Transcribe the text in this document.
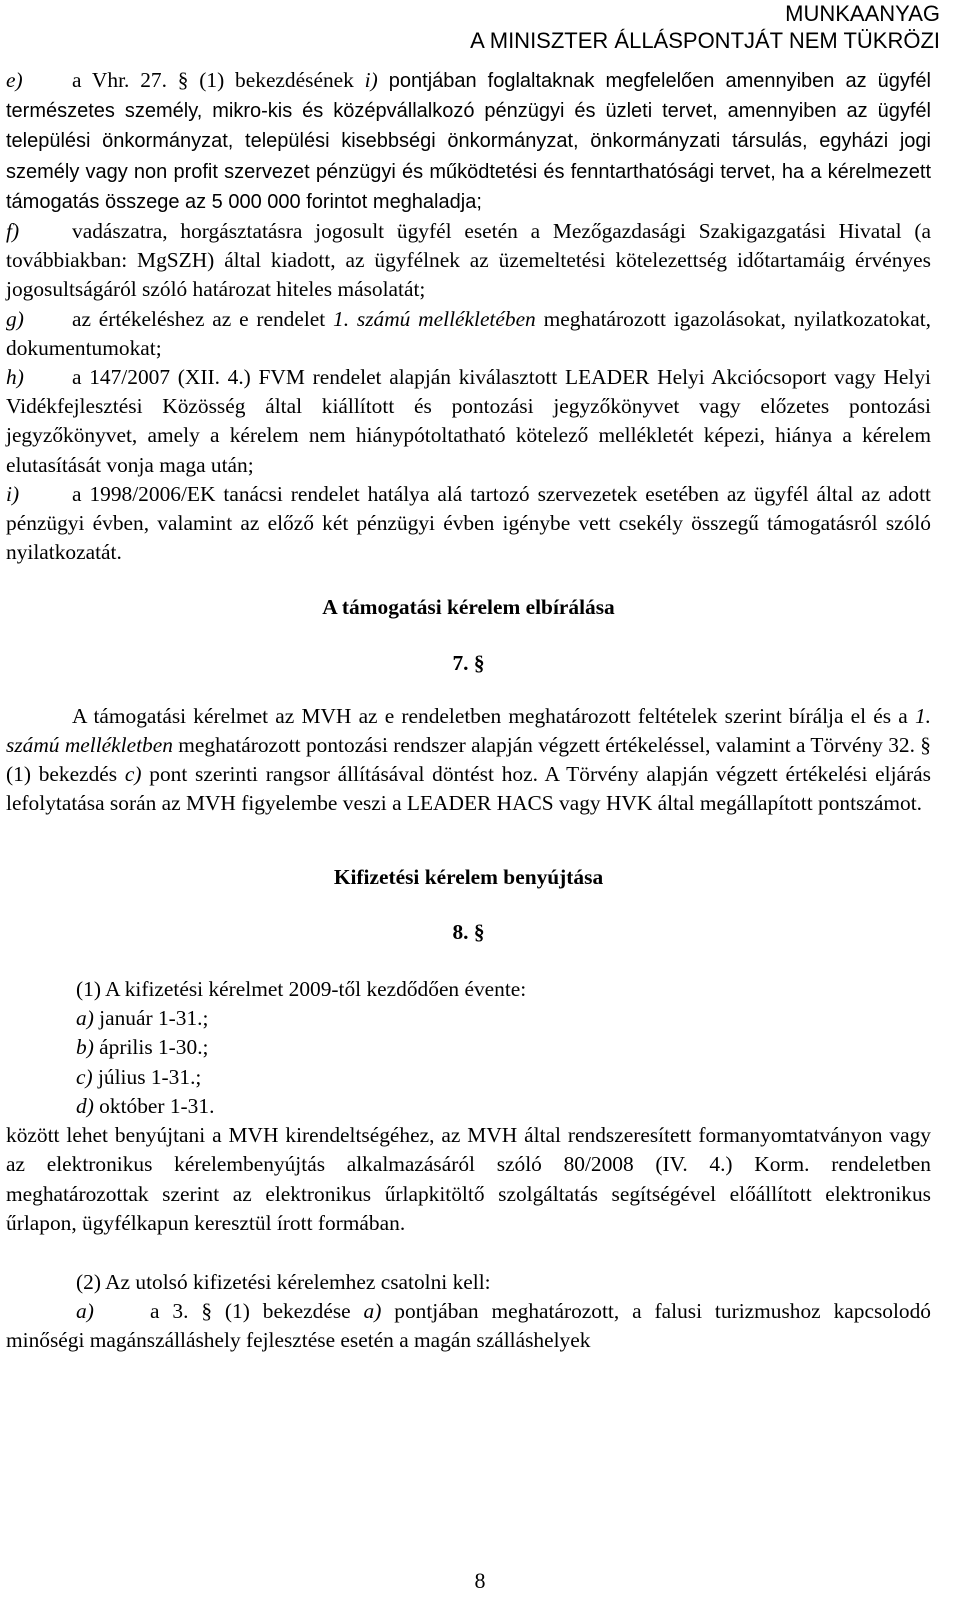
MUNKAANYAG
A MINISZTER ÁLLÁSPONTJÁT NEM TÜKRÖZI

e) a Vhr. 27. § (1) bekezdésének i) pontjában foglaltaknak megfelelően amennyiben az ügyfél természetes személy, mikro-kis és középvállalkozó pénzügyi és üzleti tervet, amennyiben az ügyfél települési önkormányzat, települési kisebbségi önkormányzat, önkormányzati társulás, egyházi jogi személy vagy non profit szervezet pénzügyi és működtetési és fenntarthatósági tervet, ha a kérelmezett támogatás összege az 5 000 000 forintot meghaladja;

f) vadászatra, horgásztatásra jogosult ügyfél esetén a Mezőgazdasági Szakigazgatási Hivatal (a továbbiakban: MgSZH) által kiadott, az ügyfélnek az üzemeltetési kötelezettség időtartamáig érvényes jogosultságáról szóló határozat hiteles másolatát;

g) az értékeléshez az e rendelet 1. számú mellékletében meghatározott igazolásokat, nyilatkozatokat, dokumentumokat;

h) a 147/2007 (XII. 4.) FVM rendelet alapján kiválasztott LEADER Helyi Akciócsoport vagy Helyi Vidékfejlesztési Közösség által kiállított és pontozási jegyzőkönyvet vagy előzetes pontozási jegyzőkönyvet, amely a kérelem nem hiánypótoltatható kötelező mellékletét képezi, hiánya a kérelem elutasítását vonja maga után;

i) a 1998/2006/EK tanácsi rendelet hatálya alá tartozó szervezetek esetében az ügyfél által az adott pénzügyi évben, valamint az előző két pénzügyi évben igénybe vett csekély összegű támogatásról szóló nyilatkozatát.

A támogatási kérelem elbírálása

7. §

A támogatási kérelmet az MVH az e rendeletben meghatározott feltételek szerint bírálja el és a 1. számú mellékletben meghatározott pontozási rendszer alapján végzett értékeléssel, valamint a Törvény 32. § (1) bekezdés c) pont szerinti rangsor állításával döntést hoz. A Törvény alapján végzett értékelési eljárás lefolytatása során az MVH figyelembe veszi a LEADER HACS vagy HVK által megállapított pontszámot.

Kifizetési kérelem benyújtása

8. §

(1) A kifizetési kérelmet 2009-től kezdődően évente:

a) január 1-31.;

b) április 1-30.;

c) július 1-31.;

d) október 1-31.

között lehet benyújtani a MVH kirendeltségéhez, az MVH által rendszeresített formanyomtatványon vagy az elektronikus kérelembenyújtás alkalmazásáról szóló 80/2008 (IV. 4.) Korm. rendeletben meghatározottak szerint az elektronikus űrlapkitöltő szolgáltatás segítségével előállított elektronikus űrlapon, ügyfélkapun keresztül írott formában.

(2) Az utolsó kifizetési kérelemhez csatolni kell:

a)	a 3. § (1) bekezdése a) pontjában meghatározott, a falusi turizmushoz kapcsolodó minőségi magánszálláshely fejlesztése esetén a magán szálláshelyek

8
